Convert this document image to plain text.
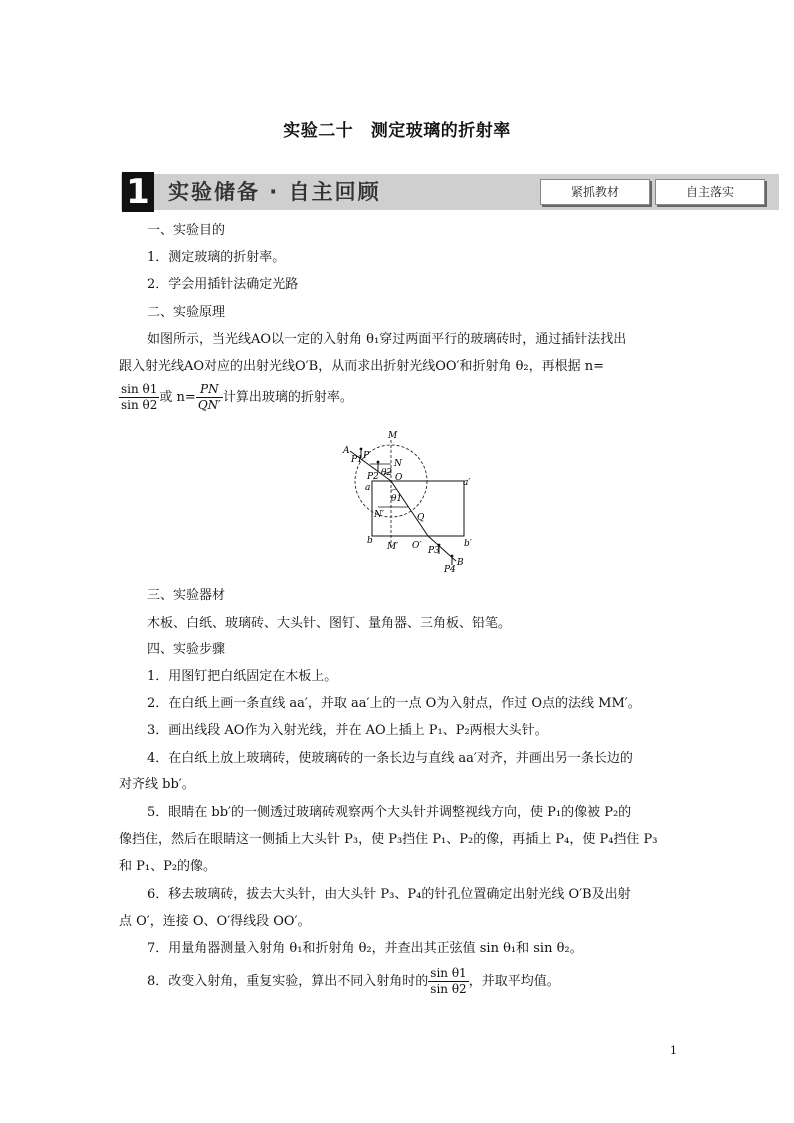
实验二十　测定玻璃的折射率
1 实验储备 · 自主回顾	紧抓教材	自主落实
一、实验目的
1．测定玻璃的折射率。
2．学会用插针法确定光路
二、实验原理
如图所示，当光线AO以一定的入射角 θ₁穿过两面平行的玻璃砖时，通过插针法找出
跟入射光线AO对应的出射光线O′B，从而求出折射光线OO′和折射角 θ₂，再根据 n=
$\frac{\text{sin θ1}}{\text{sin θ2}}$ 或 $n= \frac{PN}{QN'}$ 计算出玻璃的折射率。
M
A
P1 P
N
P2 θ2 O
a	a′
θ1
N′	Q
b
M′ O′	b′
P3
B
P4
三、实验器材
木板、白纸、玻璃砖、大头针、图钉、量角器、三角板、铅笔。
四、实验步骤
1．用图钉把白纸固定在木板上。
2．在白纸上画一条直线 aa′，并取 aa′上的一点 O为入射点，作过 O点的法线 MM′。
3．画出线段 AO作为入射光线，并在 AO上插上 P₁、P₂两根大头针。
4．在白纸上放上玻璃砖，使玻璃砖的一条长边与直线 aa′对齐，并画出另一条长边的
对齐线 bb′。
5．眼睛在 bb′的一侧透过玻璃砖观察两个大头针并调整视线方向，使 P₁的像被 P₂的
像挡住，然后在眼睛这一侧插上大头针 P₃，使 P₃挡住 P₁、P₂的像，再插上 P₄，使 P₄挡住 P₃
和 P₁、P₂的像。
6．移去玻璃砖，拔去大头针，由大头针 P₃、P₄的针孔位置确定出射光线 O′B及出射
点 O′，连接 O、O′得线段 OO′。
7．用量角器测量入射角 θ₁和折射角 θ₂，并查出其正弦值 sin θ₁和 sin θ₂。
8．改变入射角，重复实验，算出不同入射角时的 $\frac{\text{sin θ1}}{\text{sin θ2}}$ ，并取平均值。
1
